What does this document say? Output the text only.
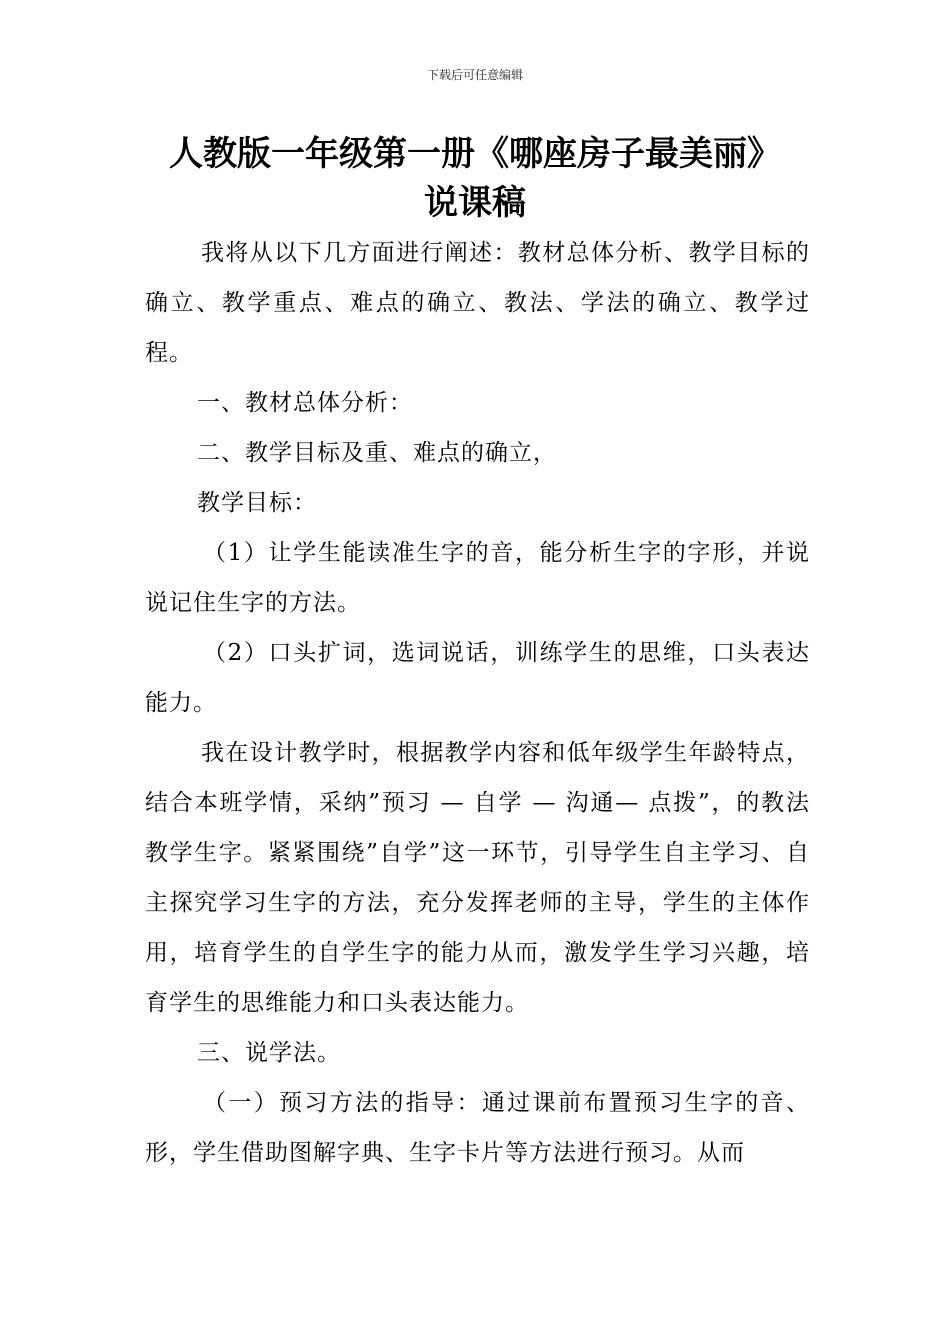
下载后可任意编辑
人教版一年级第一册《哪座房子最美丽》
说课稿

我将从以下几方面进行阐述：教材总体分析、教学目标的确立、教学重点、难点的确立、教法、学法的确立、教学过程。

一、教材总体分析：

二、教学目标及重、难点的确立，

教学目标：

（1）让学生能读准生字的音，能分析生字的字形，并说说记住生字的方法。

（2）口头扩词，选词说话，训练学生的思维，口头表达能力。

我在设计教学时，根据教学内容和低年级学生年龄特点，结合本班学情，采纳”预习 — 自学 — 沟通— 点拨”，的教法教学生字。紧紧围绕”自学”这一环节，引导学生自主学习、自主探究学习生字的方法，充分发挥老师的主导，学生的主体作用，培育学生的自学生字的能力从而，激发学生学习兴趣，培育学生的思维能力和口头表达能力。

三、说学法。

（一）预习方法的指导：通过课前布置预习生字的音、形，学生借助图解字典、生字卡片等方法进行预习。从而
